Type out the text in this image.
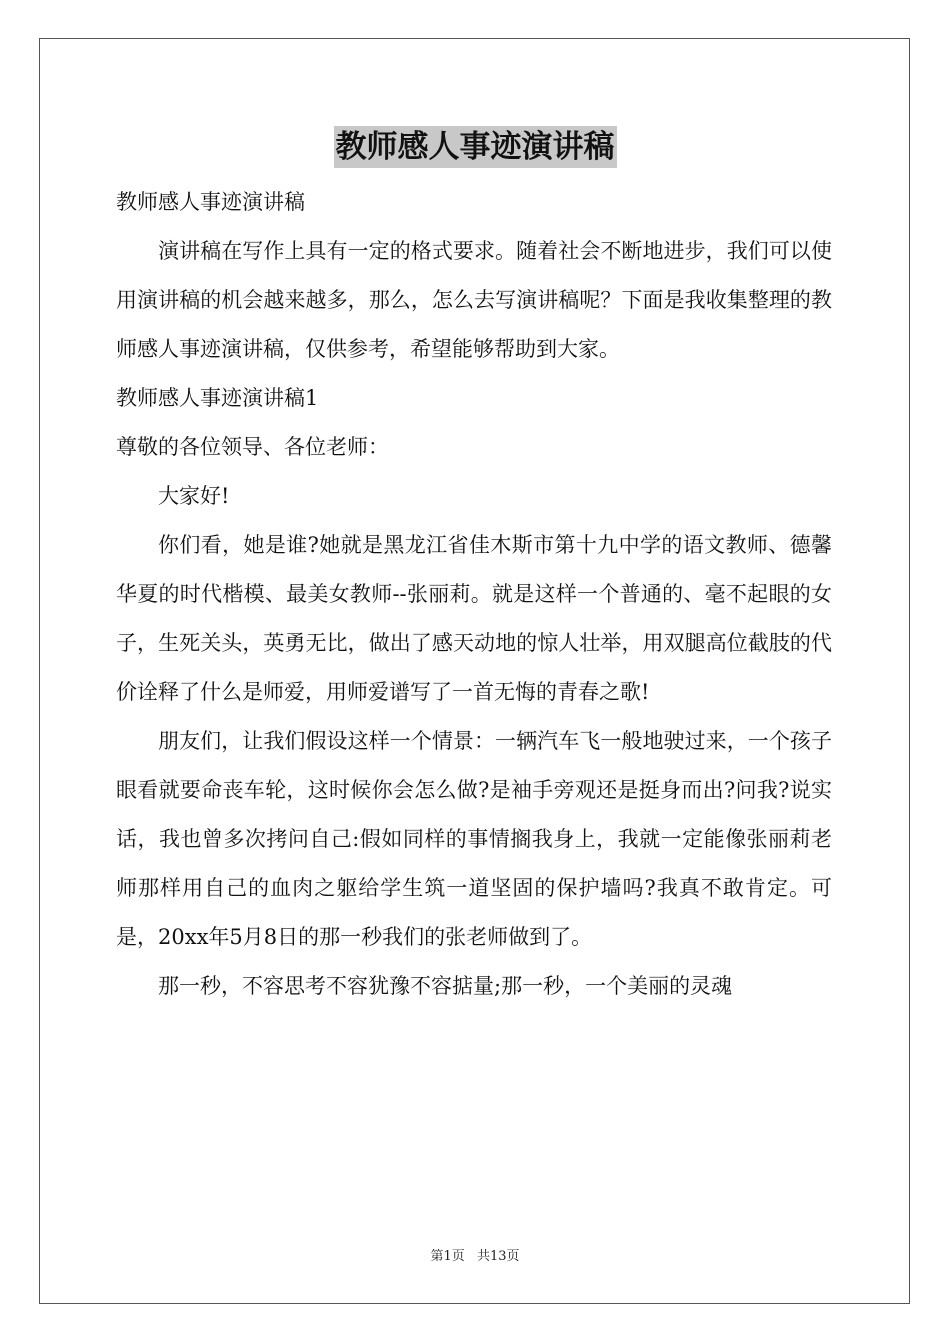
教师感人事迹演讲稿

教师感人事迹演讲稿

演讲稿在写作上具有一定的格式要求。随着社会不断地进步，我们可以使用演讲稿的机会越来越多，那么，怎么去写演讲稿呢？下面是我收集整理的教师感人事迹演讲稿，仅供参考，希望能够帮助到大家。

教师感人事迹演讲稿1

尊敬的各位领导、各位老师：

大家好!

你们看，她是谁?她就是黑龙江省佳木斯市第十九中学的语文教师、德馨华夏的时代楷模、最美女教师--张丽莉。就是这样一个普通的、毫不起眼的女子，生死关头，英勇无比，做出了感天动地的惊人壮举，用双腿高位截肢的代价诠释了什么是师爱，用师爱谱写了一首无悔的青春之歌!

朋友们，让我们假设这样一个情景：一辆汽车飞一般地驶过来，一个孩子眼看就要命丧车轮，这时候你会怎么做?是袖手旁观还是挺身而出?问我?说实话，我也曾多次拷问自己:假如同样的事情搁我身上，我就一定能像张丽莉老师那样用自己的血肉之躯给学生筑一道坚固的保护墙吗?我真不敢肯定。可是，20xx年5月8日的那一秒我们的张老师做到了。

那一秒，不容思考不容犹豫不容掂量;那一秒，一个美丽的灵魂

第1页 共13页
